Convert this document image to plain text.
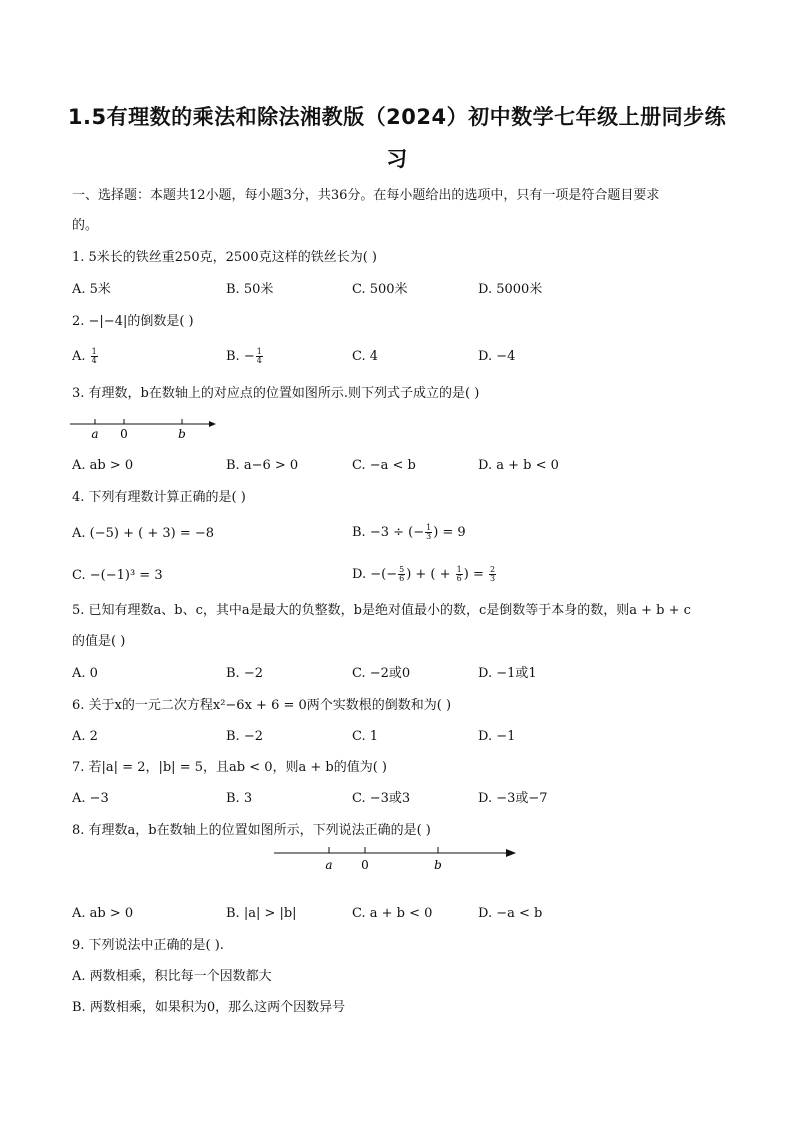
1.5有理数的乘法和除法湘教版（2024）初中数学七年级上册同步练
习
一、选择题：本题共12小题，每小题3分，共36分。在每小题给出的选项中，只有一项是符合题目要求
的。
1. 5米长的铁丝重250克，2500克这样的铁丝长为( )
A. 5米	B. 50米	C. 500米	D. 5000米
2. −|−4|的倒数是( )
A. $\frac{1}{4}$	B. − $\frac{1}{4}$	C. 4	D. −4
3. 有理数，b在数轴上的对应点的位置如图所示.则下列式子成立的是( )
a 0	b
A. ab > 0	B. a−6 > 0	C. −a < b	D. a + b < 0
4. 下列有理数计算正确的是( )
A. (−5) + ( + 3) = −8	B. −3 ÷ (− $\frac{1}{3}$ ) = 9
C. −(−1)³ = 3	D. −(− $\frac{5}{6}$ ) + ( + $\frac{1}{6}$ ) = $\frac{2}{3}$
5. 已知有理数a、b、c，其中a是最大的负整数，b是绝对值最小的数，c是倒数等于本身的数，则a + b + c
的值是( )
A. 0	B. −2	C. −2或0	D. −1或1
6. 关于x的一元二次方程x²−6x + 6 = 0两个实数根的倒数和为( )
A. 2	B. −2	C. 1	D. −1
7. 若|a| = 2，|b| = 5，且ab < 0，则a + b的值为( )
A. −3	B. 3	C. −3或3	D. −3或−7
8. 有理数a，b在数轴上的位置如图所示，下列说法正确的是( )
a 0	b
A. ab > 0	B. |a| > |b|	C. a + b < 0	D. −a < b
9. 下列说法中正确的是( ).
A. 两数相乘，积比每一个因数都大
B. 两数相乘，如果积为0，那么这两个因数异号
